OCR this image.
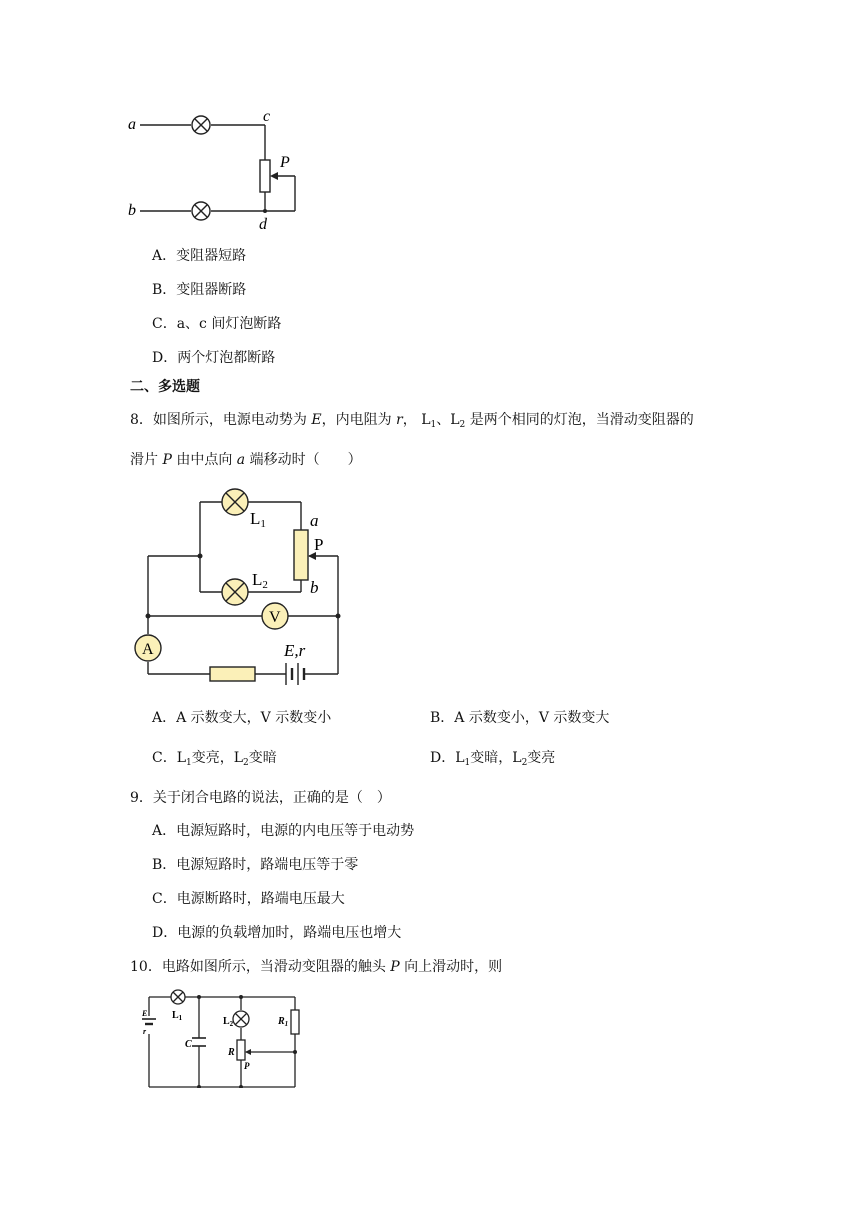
a
b
c
d
P
A．变阻器短路
B．变阻器断路
C．a、c 间灯泡断路
D．两个灯泡都断路
二、多选题
8．如图所示，电源电动势为 E，内电阻为 r， $L_1$、$L_2$ 是两个相同的灯泡，当滑动变阻器的
滑片 P 由中点向 a 端移动时（　　）
L1
L2
a
b
P
V
A	E,r
A．A 示数变大，V 示数变小	B．A 示数变小，V 示数变大
C．$L_1$变亮，$L_2$变暗	D．$L_1$变暗，$L_2$变亮
9．关于闭合电路的说法，正确的是（　）
A．电源短路时，电源的内电压等于电动势
B．电源短路时，路端电压等于零
C．电源断路时，路端电压最大
D．电源的负载增加时，路端电压也增大
10．电路如图所示，当滑动变阻器的触头 P 向上滑动时，则
$L_1$	$L_2$
C
R
P
$R_1$
E
r
